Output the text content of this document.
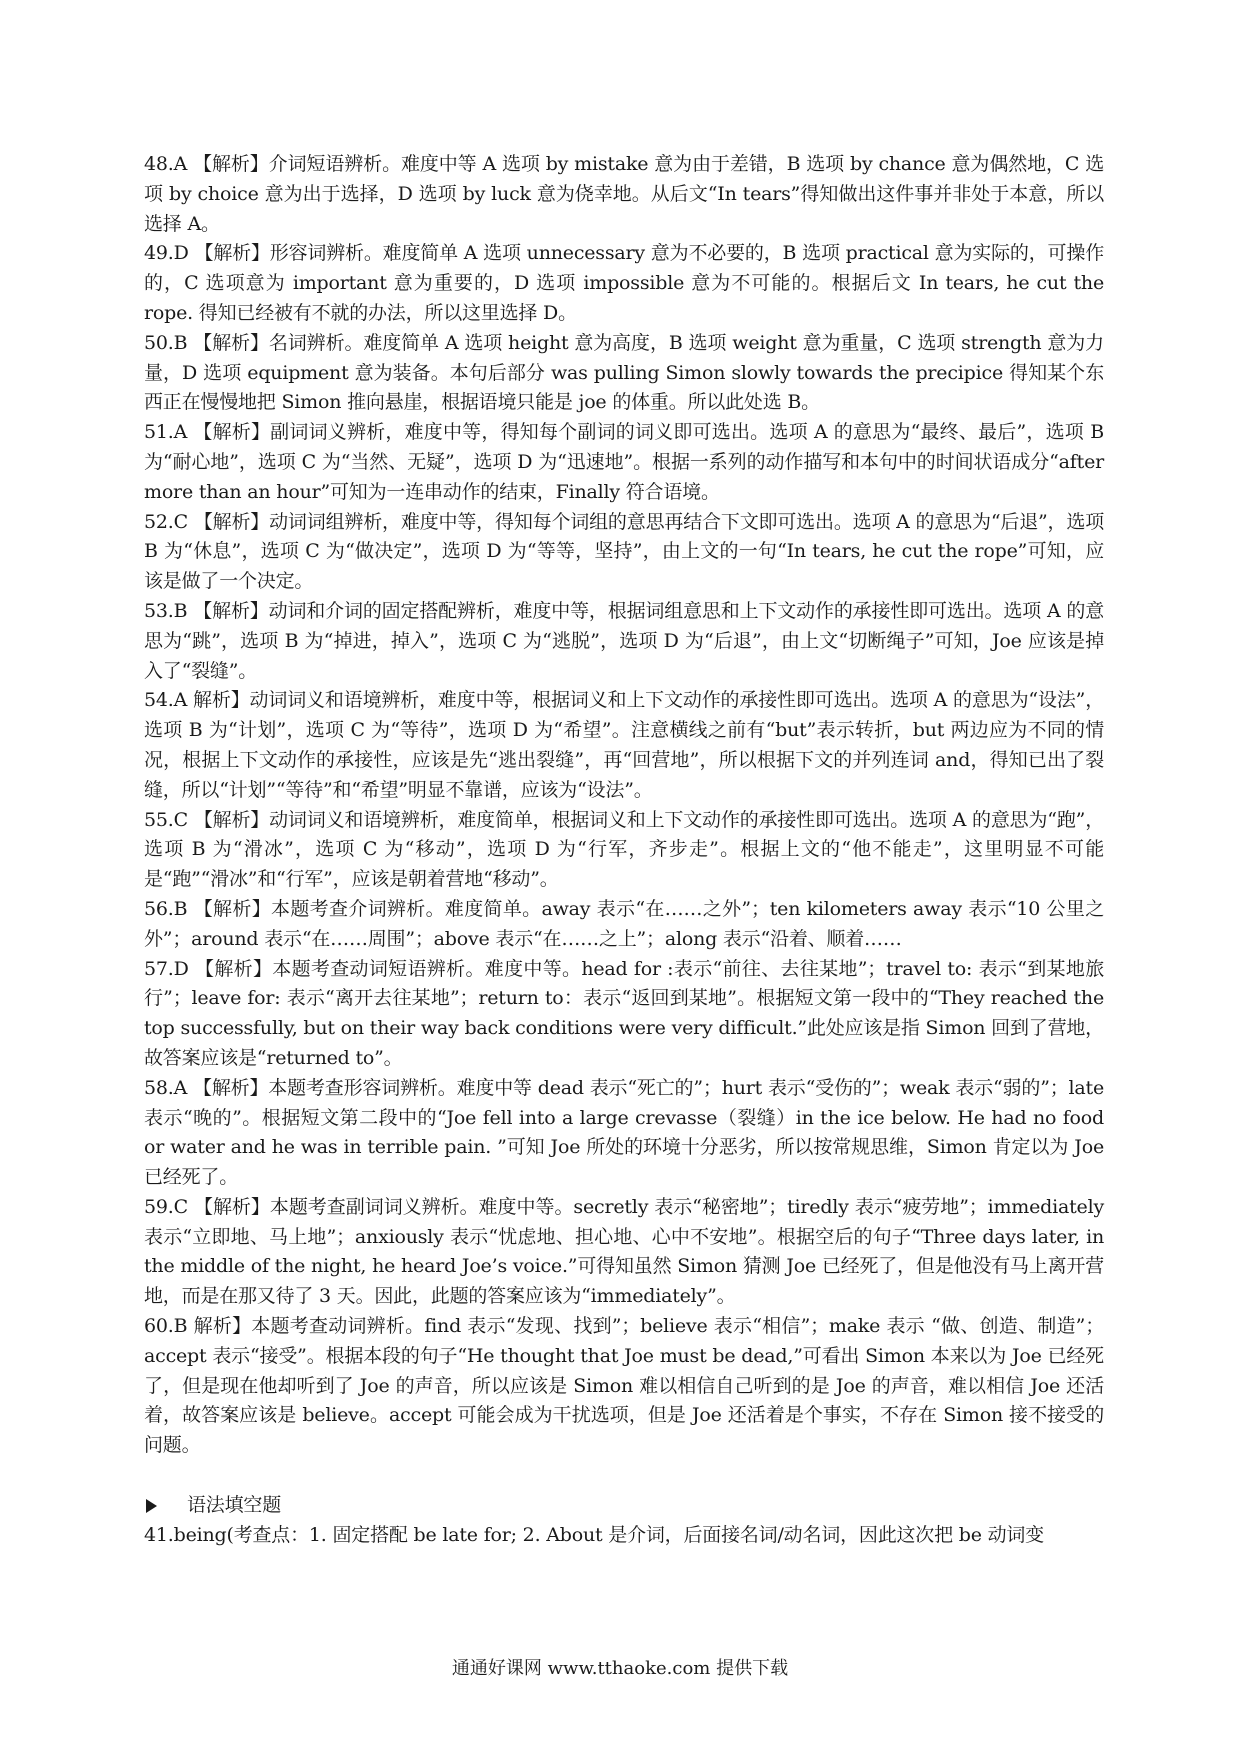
48.A 【解析】介词短语辨析。难度中等 A 选项 by mistake 意为由于差错，B 选项 by chance 意为偶然地，C 选项 by choice 意为出于选择，D 选项 by luck 意为侥幸地。从后文“In tears”得知做出这件事并非处于本意，所以选择 A。

49.D 【解析】形容词辨析。难度简单 A 选项 unnecessary 意为不必要的，B 选项 practical 意为实际的，可操作的，C 选项意为 important 意为重要的，D 选项 impossible 意为不可能的。根据后文 In tears, he cut the rope. 得知已经被有不就的办法，所以这里选择 D。

50.B 【解析】名词辨析。难度简单 A 选项 height 意为高度，B 选项 weight 意为重量，C 选项 strength 意为力量，D 选项 equipment 意为装备。本句后部分 was pulling Simon slowly towards the precipice 得知某个东西正在慢慢地把 Simon 推向悬崖，根据语境只能是 joe 的体重。所以此处选 B。

51.A 【解析】副词词义辨析，难度中等，得知每个副词的词义即可选出。选项 A 的意思为“最终、最后”，选项 B 为“耐心地”，选项 C 为“当然、无疑”，选项 D 为“迅速地”。根据一系列的动作描写和本句中的时间状语成分“after more than an hour”可知为一连串动作的结束，Finally 符合语境。

52.C 【解析】动词词组辨析，难度中等，得知每个词组的意思再结合下文即可选出。选项 A 的意思为“后退”，选项 B 为“休息”，选项 C 为“做决定”，选项 D 为“等等，坚持”，由上文的一句“In tears, he cut the rope”可知，应该是做了一个决定。

53.B 【解析】动词和介词的固定搭配辨析，难度中等，根据词组意思和上下文动作的承接性即可选出。选项 A 的意思为“跳”，选项 B 为“掉进，掉入”，选项 C 为“逃脱”，选项 D 为“后退”，由上文“切断绳子”可知，Joe 应该是掉入了“裂缝”。

54.A 解析】动词词义和语境辨析，难度中等，根据词义和上下文动作的承接性即可选出。选项 A 的意思为“设法”，选项 B 为“计划”，选项 C 为“等待”，选项 D 为“希望”。注意横线之前有“but”表示转折，but 两边应为不同的情况，根据上下文动作的承接性，应该是先“逃出裂缝”，再“回营地”，所以根据下文的并列连词 and，得知已出了裂缝，所以“计划”“等待”和“希望”明显不靠谱，应该为“设法”。

55.C 【解析】动词词义和语境辨析，难度简单，根据词义和上下文动作的承接性即可选出。选项 A 的意思为“跑”，选项 B 为“滑冰”，选项 C 为“移动”，选项 D 为“行军，齐步走”。根据上文的“他不能走”，这里明显不可能是“跑”“滑冰”和“行军”，应该是朝着营地“移动”。

56.B 【解析】本题考查介词辨析。难度简单。away 表示“在……之外”；ten kilometers away 表示“10 公里之外”；around 表示“在……周围”；above 表示“在……之上”；along 表示“沿着、顺着……

57.D 【解析】本题考查动词短语辨析。难度中等。head for :表示“前往、去往某地”；travel to: 表示“到某地旅行”；leave for: 表示“离开去往某地”；return to：表示“返回到某地”。根据短文第一段中的“They reached the top successfully, but on their way back conditions were very difficult.”此处应该是指 Simon 回到了营地，故答案应该是“returned to”。

58.A 【解析】本题考查形容词辨析。难度中等 dead 表示“死亡的”；hurt 表示“受伤的”；weak 表示“弱的”；late 表示“晚的”。根据短文第二段中的“Joe fell into a large crevasse（裂缝）in the ice below. He had no food or water and he was in terrible pain. ”可知 Joe 所处的环境十分恶劣，所以按常规思维，Simon 肯定以为 Joe 已经死了。

59.C 【解析】本题考查副词词义辨析。难度中等。secretly 表示“秘密地”；tiredly 表示“疲劳地”；immediately 表示“立即地、马上地”；anxiously 表示“忧虑地、担心地、心中不安地”。根据空后的句子“Three days later, in the middle of the night, he heard Joe’s voice.”可得知虽然 Simon 猜测 Joe 已经死了，但是他没有马上离开营地，而是在那又待了 3 天。因此，此题的答案应该为“immediately”。

60.B 解析】本题考查动词辨析。find 表示“发现、找到”；believe 表示“相信”；make 表示 “做、创造、制造”；accept 表示“接受”。根据本段的句子“He thought that Joe must be dead,”可看出 Simon 本来以为 Joe 已经死了，但是现在他却听到了 Joe 的声音，所以应该是 Simon 难以相信自己听到的是 Joe 的声音，难以相信 Joe 还活着，故答案应该是 believe。accept 可能会成为干扰选项，但是 Joe 还活着是个事实，不存在 Simon 接不接受的问题。

语法填空题

41.being(考查点：1. 固定搭配 be late for; 2. About 是介词，后面接名词/动名词，因此这次把 be 动词变

通通好课网 www.tthaoke.com 提供下载
